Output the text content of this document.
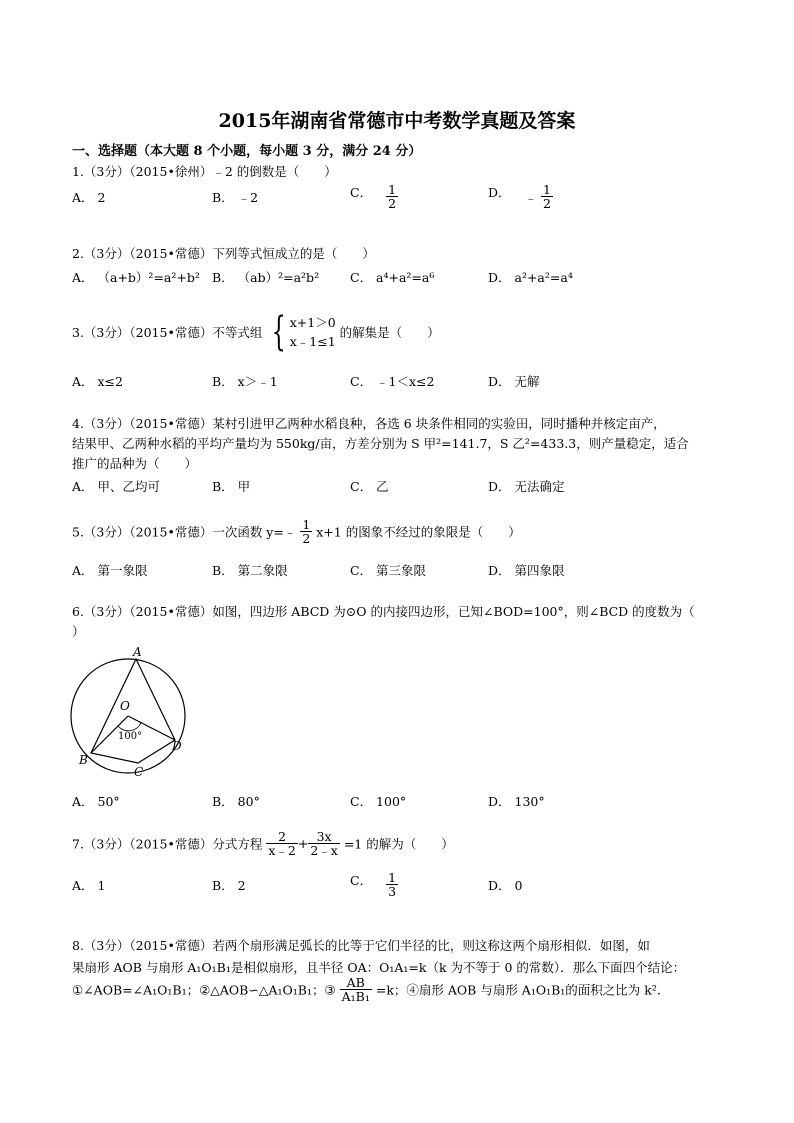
2015年湖南省常德市中考数学真题及答案
一、选择题（本大题 8 个小题，每小题 3 分，满分 24 分）
1.（3分）（2015•徐州）﹣2 的倒数是（　　）
A． 2	B． ﹣2	C． $\frac{1}{2}$	D． ﹣ $\frac{1}{2}$
2.（3分）（2015•常德）下列等式恒成立的是（　　）
A． （a+b）²=a²+b² B． （ab）²=a²b² C． a⁴+a²=a⁶	D． a²+a²=a⁴
3.（3分）（2015•常德）不等式组 { x+1＞0
x﹣1≤1
的解集是（　　）
A． x≤2	B． x＞﹣1	C． ﹣1＜x≤2	D． 无解
4.（3分）（2015•常德）某村引进甲乙两种水稻良种，各选 6 块条件相同的实验田，同时播种并核定亩产，
结果甲、乙两种水稻的平均产量均为 550kg/亩，方差分别为 S 甲²=141.7，S 乙²=433.3，则产量稳定，适合
推广的品种为（　　）
A． 甲、乙均可	B． 甲	C． 乙	D． 无法确定
5.（3分）（2015•常德）一次函数 y=﹣ $\frac{1}{2} x+1$ 的图象不经过的象限是（　　）
A． 第一象限	B． 第二象限	C． 第三象限	D． 第四象限
6.（3分）（2015•常德）如图，四边形 ABCD 为⊙O 的内接四边形，已知∠BOD=100°，则∠BCD 的度数为（
）
A
B
C
D
O
100°
A． 50°	B． 80°	C． 100°	D． 130°
7.（3分）（2015•常德）分式方程 $\frac{2}{x﹣2} + \frac{3x}{2﹣x} =1$ 的解为（　　）
A． 1	B． 2	C． $\frac{1}{3}$	D． 0
8.（3分）（2015•常德）若两个扇形满足弧长的比等于它们半径的比，则这称这两个扇形相似．如图，如
果扇形 AOB 与扇形 A₁O₁B₁是相似扇形，且半径 OA：O₁A₁=k（k 为不等于 0 的常数）．那么下面四个结论：
①∠AOB=∠A₁O₁B₁；②△AOB∽△A₁O₁B₁；③ $\frac{AB}{\text{A₁B₁}} =k$；④扇形 AOB 与扇形 A₁O₁B₁的面积之比为 k².
